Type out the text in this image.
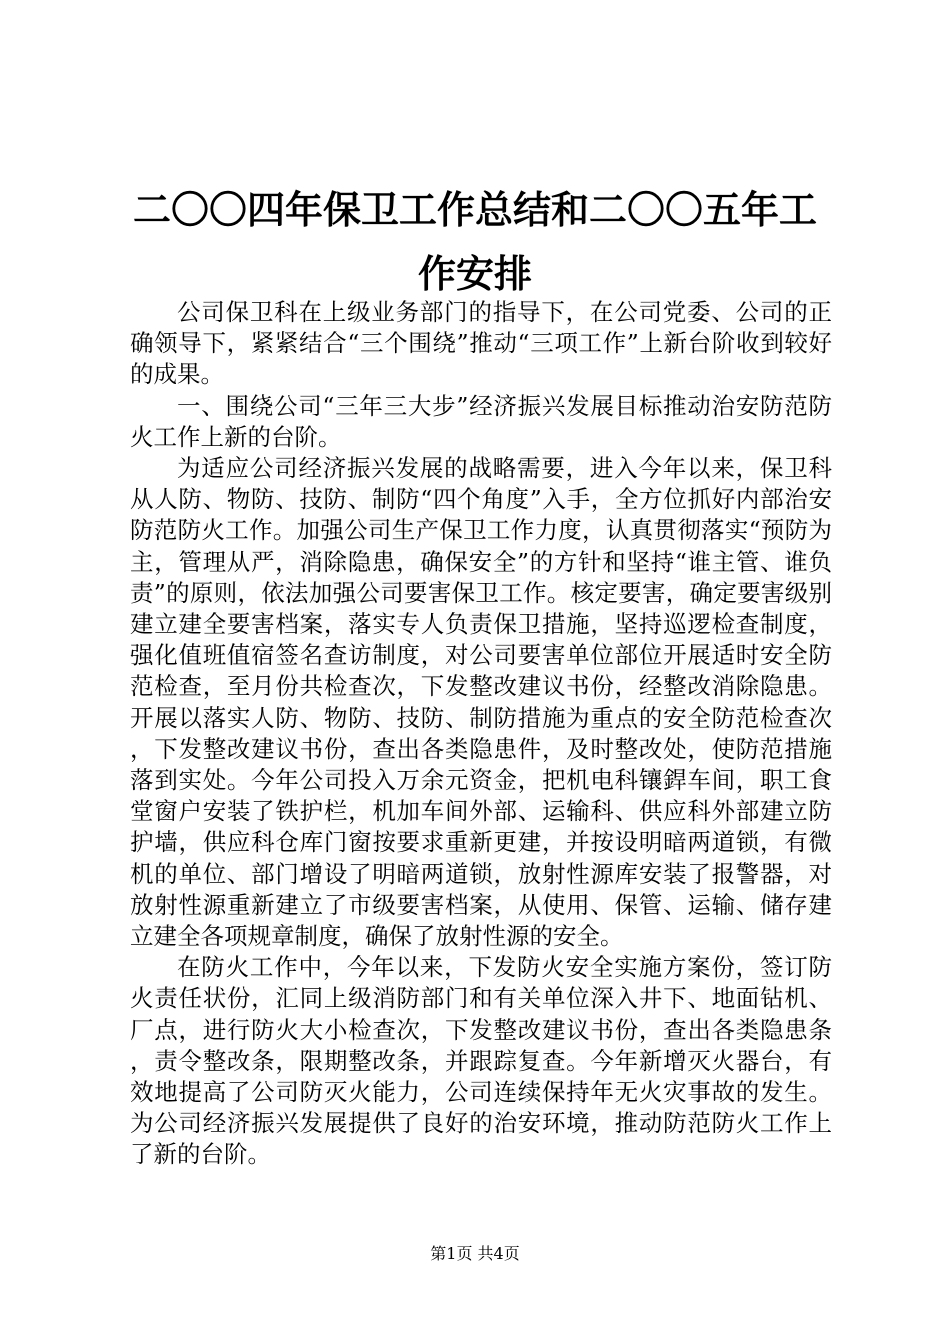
二〇〇四年保卫工作总结和二〇〇五年工作安排

公司保卫科在上级业务部门的指导下，在公司党委、公司的正确领导下，紧紧结合“三个围绕”推动“三项工作”上新台阶收到较好的成果。

一、围绕公司“三年三大步”经济振兴发展目标推动治安防范防火工作上新的台阶。

为适应公司经济振兴发展的战略需要，进入今年以来，保卫科从人防、物防、技防、制防“四个角度”入手，全方位抓好内部治安防范防火工作。加强公司生产保卫工作力度，认真贯彻落实“预防为主，管理从严，消除隐患，确保安全”的方针和坚持“谁主管、谁负责”的原则，依法加强公司要害保卫工作。核定要害，确定要害级别建立建全要害档案，落实专人负责保卫措施，坚持巡逻检查制度，强化值班值宿签名查访制度，对公司要害单位部位开展适时安全防范检查，至月份共检查次，下发整改建议书份，经整改消除隐患。开展以落实人防、物防、技防、制防措施为重点的安全防范检查次，下发整改建议书份，查出各类隐患件，及时整改处，使防范措施落到实处。今年公司投入万余元资金，把机电科镶銲车间，职工食堂窗户安装了铁护栏，机加车间外部、运输科、供应科外部建立防护墙，供应科仓库门窗按要求重新更建，并按设明暗两道锁，有微机的单位、部门增设了明暗两道锁，放射性源库安装了报警器，对放射性源重新建立了市级要害档案，从使用、保管、运输、储存建立建全各项规章制度，确保了放射性源的安全。

在防火工作中，今年以来，下发防火安全实施方案份，签订防火责任状份，汇同上级消防部门和有关单位深入井下、地面钻机、厂点，进行防火大小检查次，下发整改建议书份，查出各类隐患条，责令整改条，限期整改条，并跟踪复查。今年新增灭火器台，有效地提高了公司防灭火能力，公司连续保持年无火灾事故的发生。为公司经济振兴发展提供了良好的治安环境，推动防范防火工作上了新的台阶。

第1页 共4页
